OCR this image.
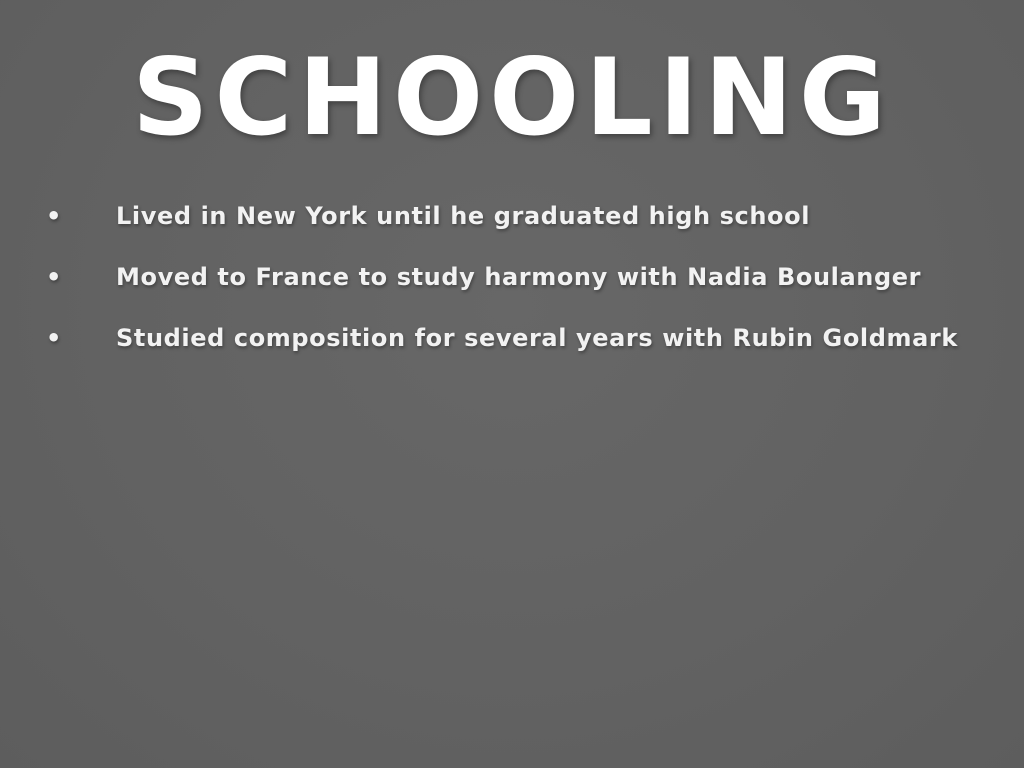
SCHOOLING
• Lived in New York until he graduated high school
• Moved to France to study harmony with Nadia Boulanger
• Studied composition for several years with Rubin Goldmark
